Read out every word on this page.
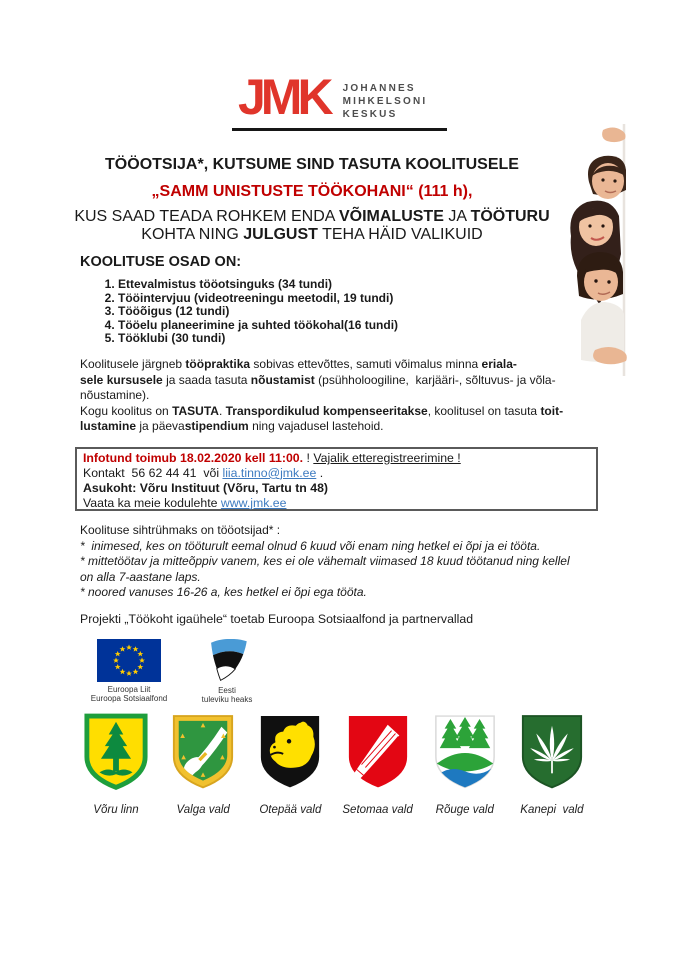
JMK JOHANNES
MIHKELSONI
KESKUS
TÖÖOTSIJA*, KUTSUME SIND TASUTA KOOLITUSELE
„SAMM UNISTUSTE TÖÖKOHANI“ (111 h),
KUS SAAD TEADA ROHKEM ENDA VÕIMALUSTE JA TÖÖTURU
KOHTA NING JULGUST TEHA HÄID VALIKUID
KOOLITUSE OSAD ON:
1. Ettevalmistus tööotsinguks (34 tundi)
2. Tööintervjuu (videotreeningu meetodil, 19 tundi)
3. Tööõigus (12 tundi)
4. Tööelu planeerimine ja suhted töökohal(16 tundi)
5. Tööklubi (30 tundi)
Koolitusele järgneb tööpraktika sobivas ettevõttes, samuti võimalus minna eriala-
sele kursusele ja saada tasuta nõustamist (psühholoogiline,  karjääri-, sõltuvus- ja võla-
nõustamine).
Kogu koolitus on TASUTA. Transpordikulud kompenseeritakse, koolitusel on tasuta toit-
lustamine ja päevastipendium ning vajadusel lastehoid.
Infotund toimub 18.02.2020 kell 11:00. ! Vajalik etteregistreerimine !
Kontakt  56 62 44 41  või liia.tinno@jmk.ee .
Asukoht: Võru Instituut (Võru, Tartu tn 48)
Vaata ka meie kodulehte www.jmk.ee
Koolituse sihtrühmaks on tööotsijad* :
*  inimesed, kes on tööturult eemal olnud 6 kuud või enam ning hetkel ei õpi ja ei tööta.
* mittetöötav ja mitteõppiv vanem, kes ei ole vähemalt viimased 18 kuud töötanud ning kellel
on alla 7-aastane laps.
* noored vanuses 16-26 a, kes hetkel ei õpi ega tööta.
Projekti „Töökoht igaühele“ toetab Euroopa Sotsiaalfond ja partnervallad
Euroopa Liit
Euroopa Sotsiaalfond
Eesti
tuleviku heaks
Võru linn	Valga vald	Otepää vald Setomaa vald Rõuge vald Kanepi  vald
